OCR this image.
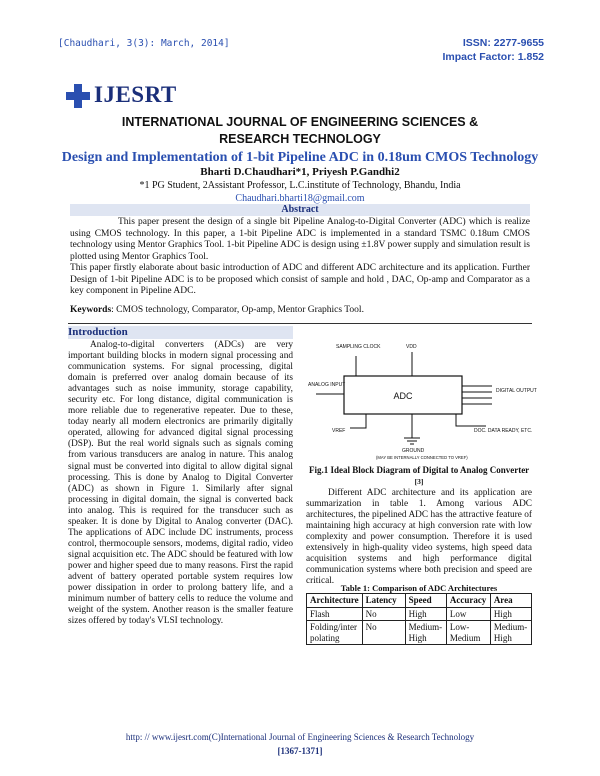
[Chaudhari, 3(3): March, 2014]	ISSN: 2277-9655
Impact Factor: 1.852
IJESRT
INTERNATIONAL JOURNAL OF ENGINEERING SCIENCES & RESEARCH TECHNOLOGY
Design and Implementation of 1-bit Pipeline ADC in 0.18um CMOS Technology
Bharti D.Chaudhari*1, Priyesh P.Gandhi2
*1 PG Student, 2Assistant Professor, L.C.institute of Technology, Bhandu, India
Chaudhari.bharti18@gmail.com
Abstract

This paper present the design of a single bit Pipeline Analog-to-Digital Converter (ADC) which is realize using CMOS technology. In this paper, a 1-bit Pipeline ADC is implemented in a standard TSMC 0.18um CMOS technology using Mentor Graphics Tool. 1-bit Pipeline ADC is design using ±1.8V power supply and simulation result is plotted using Mentor Graphics Tool.

This paper firstly elaborate about basic introduction of ADC and different ADC architecture and its application. Further Design of 1-bit Pipeline ADC is to be proposed which consist of sample and hold , DAC, Op-amp and Comparator as a key component in Pipeline ADC.

Keywords: CMOS technology, Comparator, Op-amp, Mentor Graphics Tool.
Introduction

Analog-to-digital converters (ADCs) are very important building blocks in modern signal processing and communication systems. For signal processing, digital domain is preferred over analog domain because of its advantages such as noise immunity, storage capability, security etc. For long distance, digital communication is more reliable due to regenerative repeater. Due to these, today nearly all modern electronics are primarily digitally operated, allowing for advanced digital signal processing (DSP). But the real world signals such as signals coming from various transducers are analog in nature. This analog signal must be converted into digital to allow digital signal processing. This is done by Analog to Digital Converter (ADC) as shown in Figure 1. Similarly after signal processing in digital domain, the signal is converted back into analog. This is required for the transducer such as speaker. It is done by Digital to Analog converter (DAC). The applications of ADC include DC instruments, process control, thermocouple sensors, modems, digital radio, video signal acquisition etc. The ADC should be featured with low power and higher speed due to many reasons. First the rapid advent of battery operated portable system requires low power dissipation in order to prolong battery life, and a minimum number of battery cells to reduce the volume and weight of the system. Another reason is the smaller feature sizes offered by today's VLSI technology.

ADC
SAMPLING CLOCK	VDD
ANALOG INPUT
DIGITAL OUTPUT
DOC. DATA READY, ETC.
VREF
GROUND
(MAY BE INTERNALLY CONNECTED TO VREF)
Fig.1 Ideal Block Diagram of Digital to Analog Converter [3]

Different ADC architecture and its application are summarization in table 1. Among various ADC architectures, the pipelined ADC has the attractive feature of maintaining high accuracy at high conversion rate with low complexity and power consumption. Therefore it is used extensively in high-quality video systems, high speed data acquisition systems and high performance digital communication systems where both precision and speed are critical.

Table 1: Comparison of ADC Architectures
Architecture	Latency	Speed	Accuracy	Area
Flash	No	High	Low	High
Folding/interpolating	No	Medium-High	Low-Medium	Medium-High
http: // www.ijesrt.com(C)International Journal of Engineering Sciences & Research Technology
[1367-1371]
